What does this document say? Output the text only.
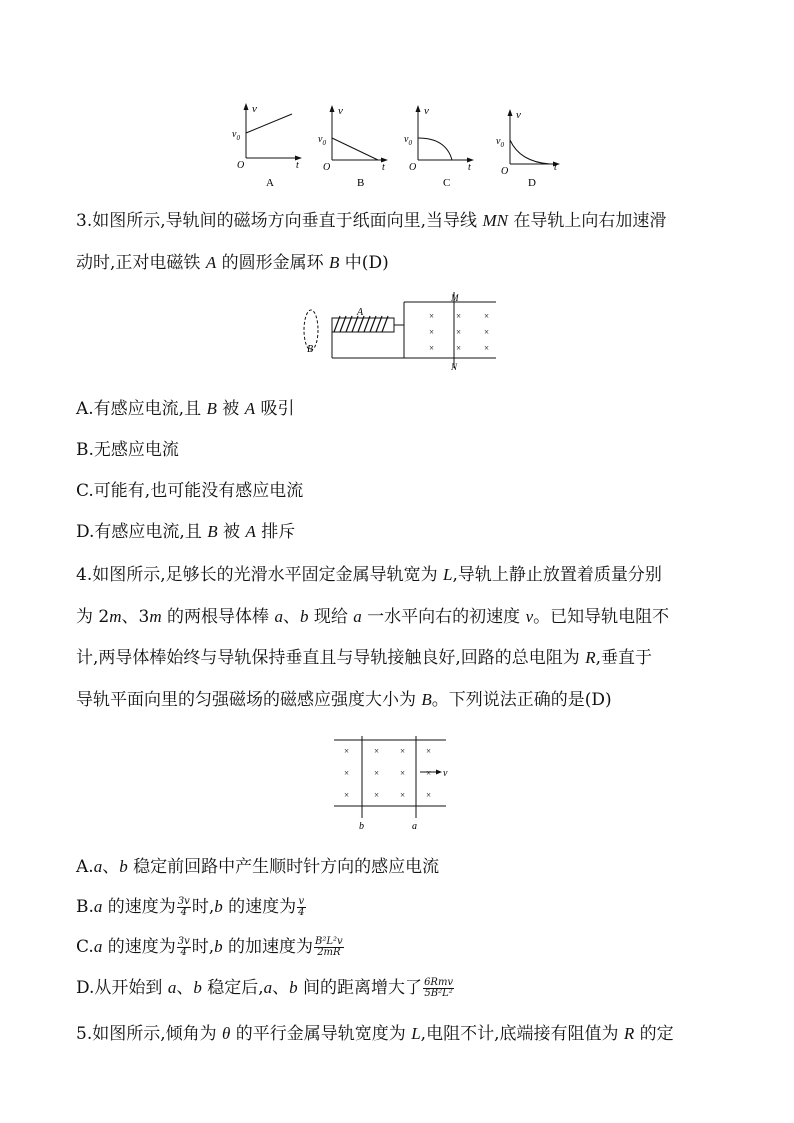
v
$v_0$
O	t
A
v
$v_0$
O	t
B
v
$v_0$
O	t
C
v
$v_0$
O	t
D
3.如图所示,导轨间的磁场方向垂直于纸面向里,当导线 MN 在导轨上向右加速滑
动时,正对电磁铁 A 的圆形金属环 B 中(D)
B
A
M
N
× ×	×
× ×	×
× ×	×
A.有感应电流,且 B 被 A 吸引
B.无感应电流
C.可能有,也可能没有感应电流
D.有感应电流,且 B 被 A 排斥
4.如图所示,足够长的光滑水平固定金属导轨宽为 L,导轨上静止放置着质量分别
为 2m、3m 的两根导体棒 a、b 现给 a 一水平向右的初速度 v。已知导轨电阻不
计,两导体棒始终与导轨保持垂直且与导轨接触良好,回路的总电阻为 R,垂直于
导轨平面向里的匀强磁场的磁感应强度大小为 B。下列说法正确的是(D)
b	a
×	× × ×
×	× × ×
×	× × ×
v
A.a、b 稳定前回路中产生顺时针方向的感应电流
B.a 的速度为 $\frac{3v}{4}$ 时,b 的速度为 $\frac{v}{4}$
C.a 的速度为 $\frac{3v}{4}$ 时,b 的加速度为 $\frac{\text{B²L²v}}{2mR}$
D.从开始到 a、b 稳定后,a、b 间的距离增大了 $\frac{\text{6Rmv}}{\text{5B²L²}}$
5.如图所示,倾角为 θ 的平行金属导轨宽度为 L,电阻不计,底端接有阻值为 R 的定
